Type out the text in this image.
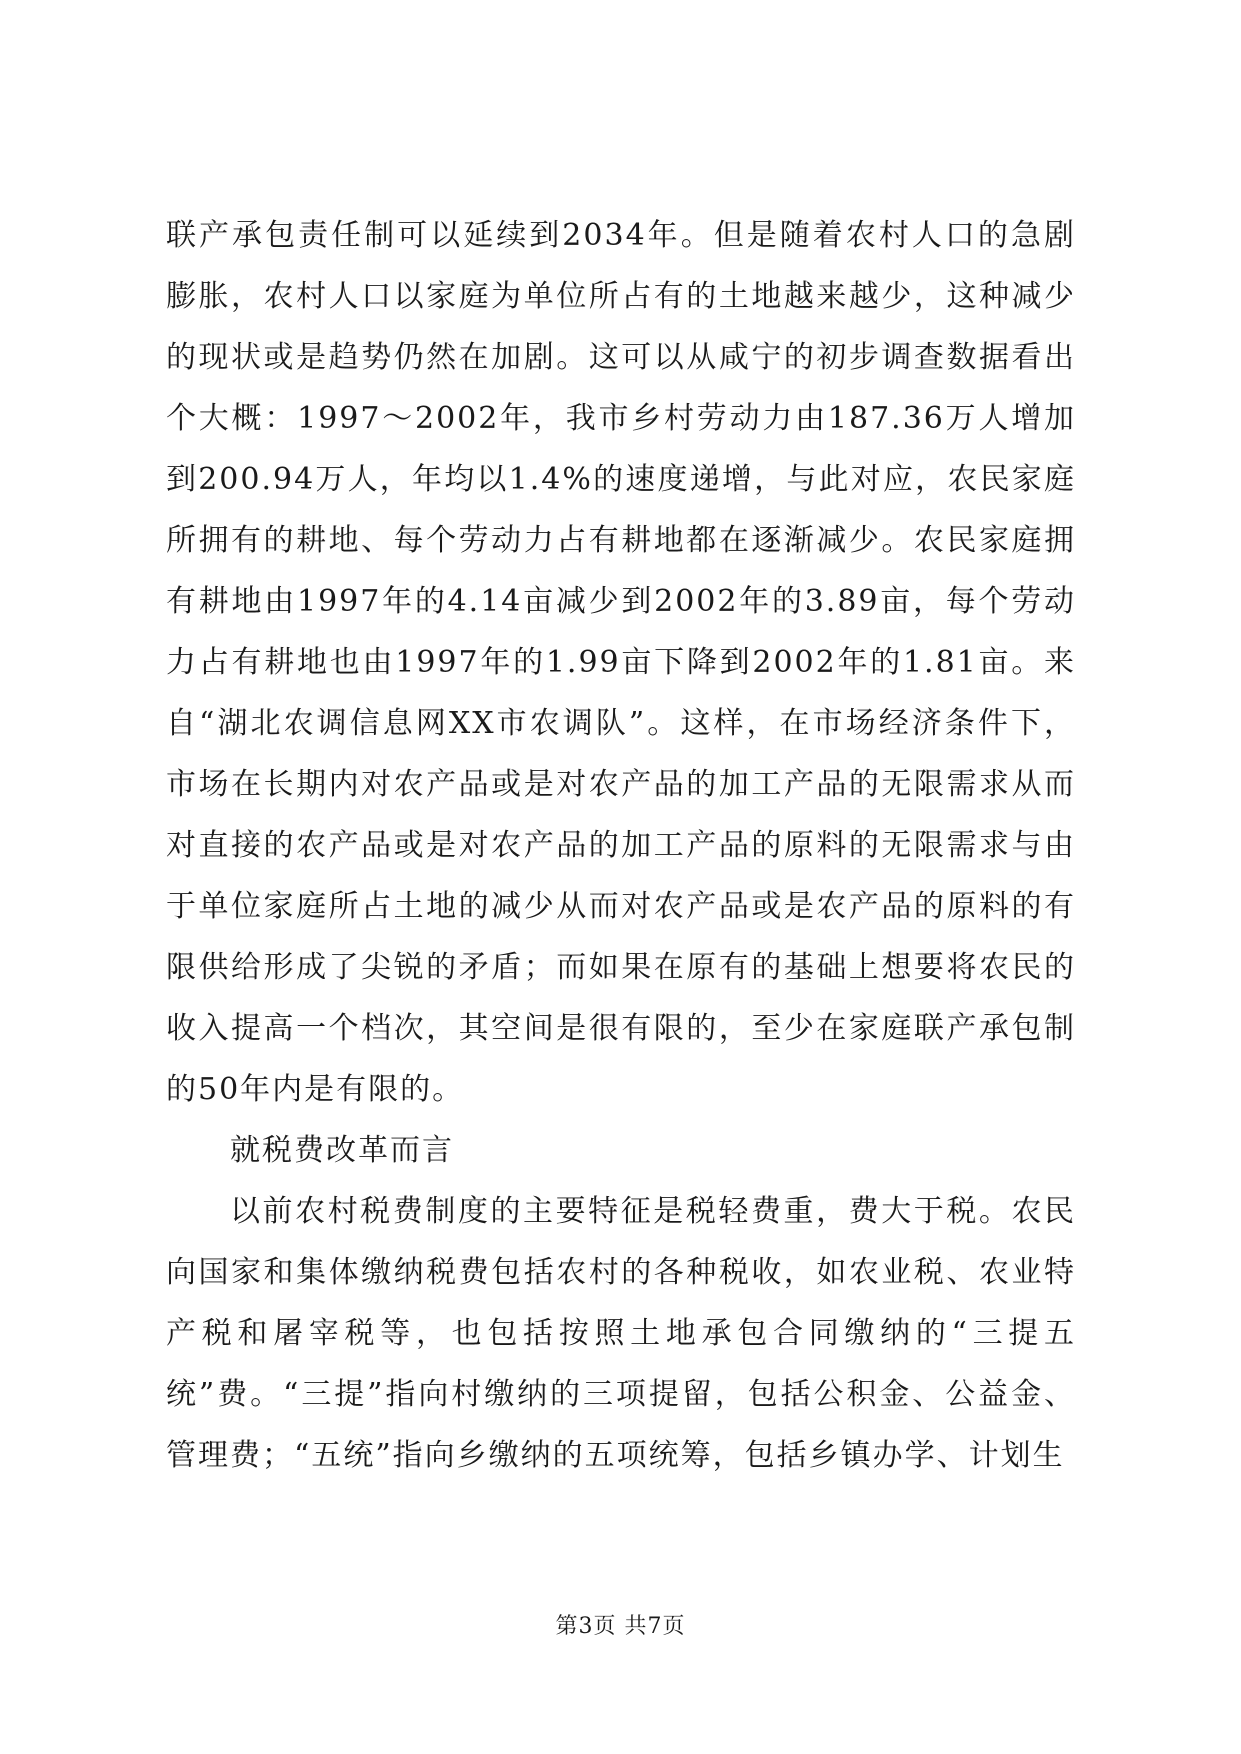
联产承包责任制可以延续到2034年。但是随着农村人口的急剧膨胀，农村人口以家庭为单位所占有的土地越来越少，这种减少的现状或是趋势仍然在加剧。这可以从咸宁的初步调查数据看出个大概：1997～2002年，我市乡村劳动力由187.36万人增加到200.94万人，年均以1.4%的速度递增，与此对应，农民家庭所拥有的耕地、每个劳动力占有耕地都在逐渐减少。农民家庭拥有耕地由1997年的4.14亩减少到2002年的3.89亩，每个劳动力占有耕地也由1997年的1.99亩下降到2002年的1.81亩。来自“湖北农调信息网XX市农调队”。这样，在市场经济条件下，市场在长期内对农产品或是对农产品的加工产品的无限需求从而对直接的农产品或是对农产品的加工产品的原料的无限需求与由于单位家庭所占土地的减少从而对农产品或是农产品的原料的有限供给形成了尖锐的矛盾；而如果在原有的基础上想要将农民的收入提高一个档次，其空间是很有限的，至少在家庭联产承包制的50年内是有限的。

就税费改革而言

以前农村税费制度的主要特征是税轻费重，费大于税。农民向国家和集体缴纳税费包括农村的各种税收，如农业税、农业特产税和屠宰税等，也包括按照土地承包合同缴纳的“三提五统”费。“三提”指向村缴纳的三项提留，包括公积金、公益金、管理费；“五统”指向乡缴纳的五项统筹，包括乡镇办学、计划生

第3页 共7页
